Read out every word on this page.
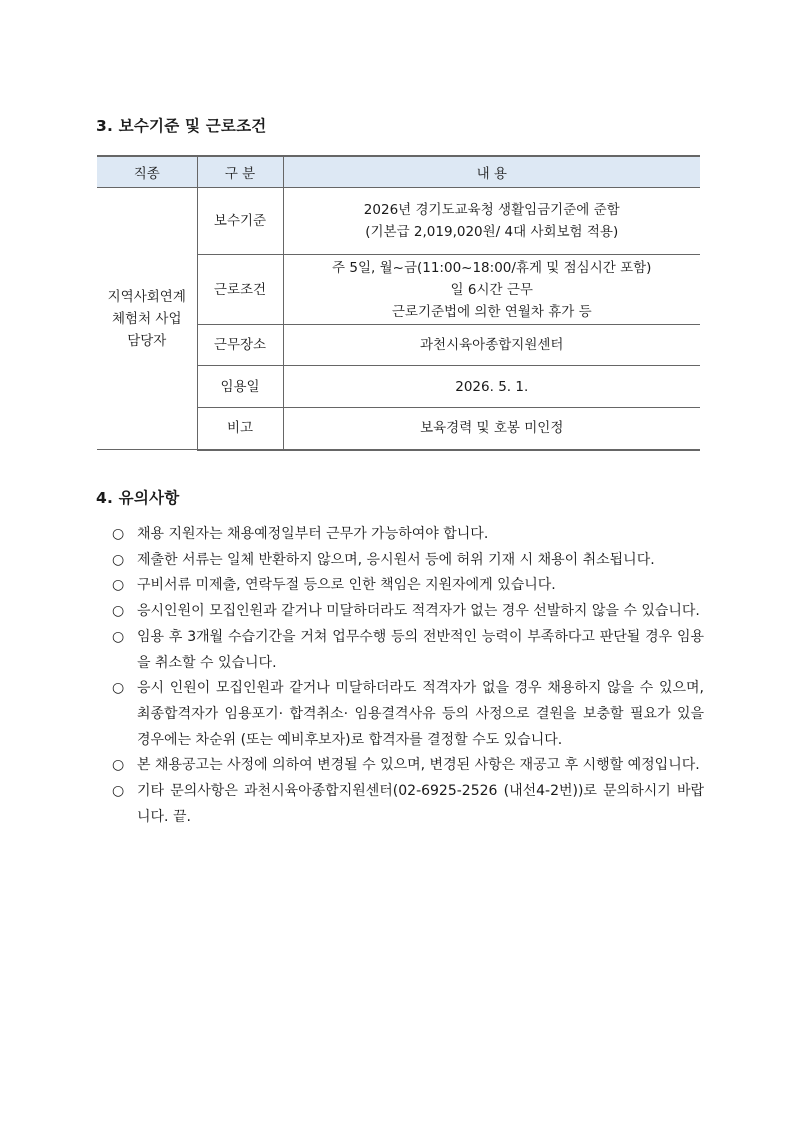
3. 보수기준 및 근로조건
직종	구 분	내 용

지역사회연계
체험처 사업
담당자	보수기준	2026년 경기도교육청 생활임금기준에 준함
(기본급 2,019,020원/ 4대 사회보험 적용)

	근로조건	주 5일, 월~금(11:00~18:00/휴게 및 점심시간 포함)
일 6시간 근무
근로기준법에 의한 연월차 휴가 등

	근무장소	과천시육아종합지원센터
	임용일	2026. 5. 1.
	비고	보육경력 및 호봉 미인정
4. 유의사항
○ 채용 지원자는 채용예정일부터 근무가 가능하여야 합니다.
○ 제출한 서류는 일체 반환하지 않으며, 응시원서 등에 허위 기재 시 채용이 취소됩니다.
○ 구비서류 미제출, 연락두절 등으로 인한 책임은 지원자에게 있습니다.
○ 응시인원이 모집인원과 같거나 미달하더라도 적격자가 없는 경우 선발하지 않을 수 있습니다.
○ 임용 후 3개월 수습기간을 거쳐 업무수행 등의 전반적인 능력이 부족하다고 판단될 경우 임용을 취소할 수 있습니다.
○ 응시 인원이 모집인원과 같거나 미달하더라도 적격자가 없을 경우 채용하지 않을 수 있으며, 최종합격자가 임용포기· 합격취소· 임용결격사유 등의 사정으로 결원을 보충할 필요가 있을 경우에는 차순위 (또는 예비후보자)로 합격자를 결정할 수도 있습니다.
○ 본 채용공고는 사정에 의하여 변경될 수 있으며, 변경된 사항은 재공고 후 시행할 예정입니다.
○ 기타 문의사항은 과천시육아종합지원센터(02-6925-2526 (내선4-2번))로 문의하시기 바랍니다. 끝.
